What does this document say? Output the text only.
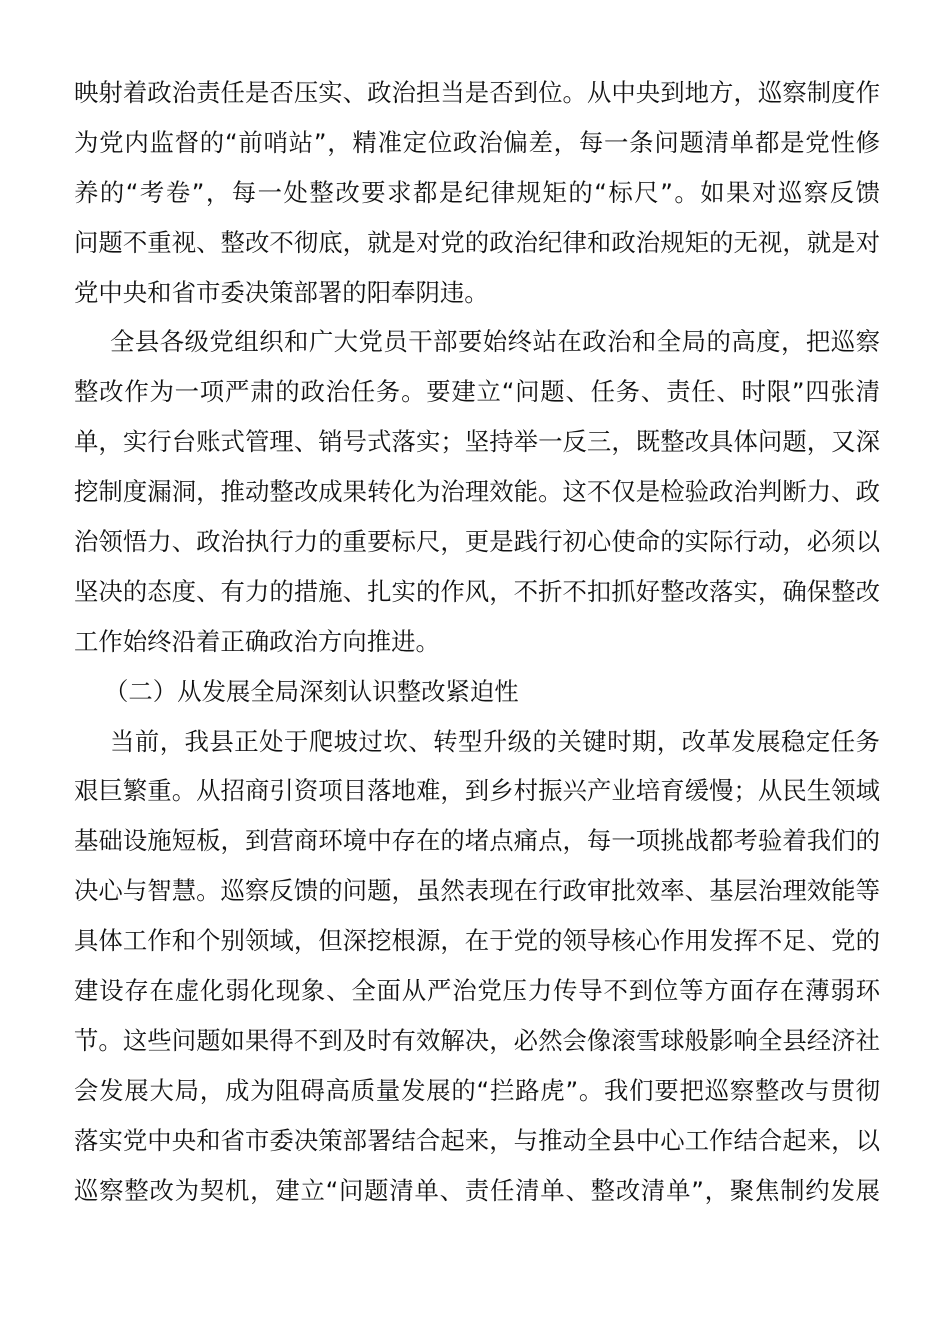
映射着政治责任是否压实、政治担当是否到位。从中央到地方，巡察制度作
为党内监督的“前哨站”，精准定位政治偏差，每一条问题清单都是党性修
养的“考卷”，每一处整改要求都是纪律规矩的“标尺”。如果对巡察反馈
问题不重视、整改不彻底，就是对党的政治纪律和政治规矩的无视，就是对
党中央和省市委决策部署的阳奉阴违。
全县各级党组织和广大党员干部要始终站在政治和全局的高度，把巡察
整改作为一项严肃的政治任务。要建立“问题、任务、责任、时限”四张清
单，实行台账式管理、销号式落实；坚持举一反三，既整改具体问题，又深
挖制度漏洞，推动整改成果转化为治理效能。这不仅是检验政治判断力、政
治领悟力、政治执行力的重要标尺，更是践行初心使命的实际行动，必须以
坚决的态度、有力的措施、扎实的作风，不折不扣抓好整改落实，确保整改
工作始终沿着正确政治方向推进。
（二）从发展全局深刻认识整改紧迫性
当前，我县正处于爬坡过坎、转型升级的关键时期，改革发展稳定任务
艰巨繁重。从招商引资项目落地难，到乡村振兴产业培育缓慢；从民生领域
基础设施短板，到营商环境中存在的堵点痛点，每一项挑战都考验着我们的
决心与智慧。巡察反馈的问题，虽然表现在行政审批效率、基层治理效能等
具体工作和个别领域，但深挖根源，在于党的领导核心作用发挥不足、党的
建设存在虚化弱化现象、全面从严治党压力传导不到位等方面存在薄弱环
节。这些问题如果得不到及时有效解决，必然会像滚雪球般影响全县经济社
会发展大局，成为阻碍高质量发展的“拦路虎”。我们要把巡察整改与贯彻
落实党中央和省市委决策部署结合起来，与推动全县中心工作结合起来，以
巡察整改为契机，建立“问题清单、责任清单、整改清单”，聚焦制约发展
